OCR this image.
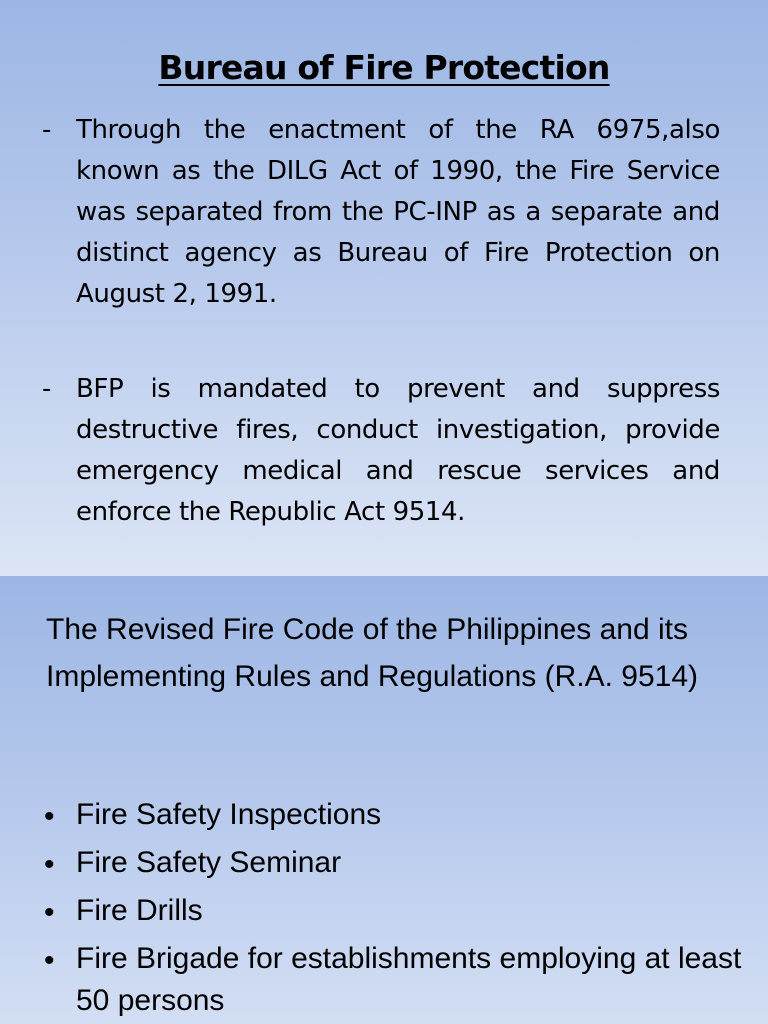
Bureau of Fire Protection
- Through the enactment of the RA 6975,also known as the DILG Act of 1990, the Fire Service was separated from the PC-INP as a separate and distinct agency as Bureau of Fire Protection on August 2, 1991.
- BFP is mandated to prevent and suppress destructive fires, conduct investigation, provide emergency medical and rescue services and enforce the Republic Act 9514.

The Revised Fire Code of the Philippines and its Implementing Rules and Regulations (R.A. 9514)

• Fire Safety Inspections
• Fire Safety Seminar
• Fire Drills
• Fire Brigade for establishments employing at least 50 persons
